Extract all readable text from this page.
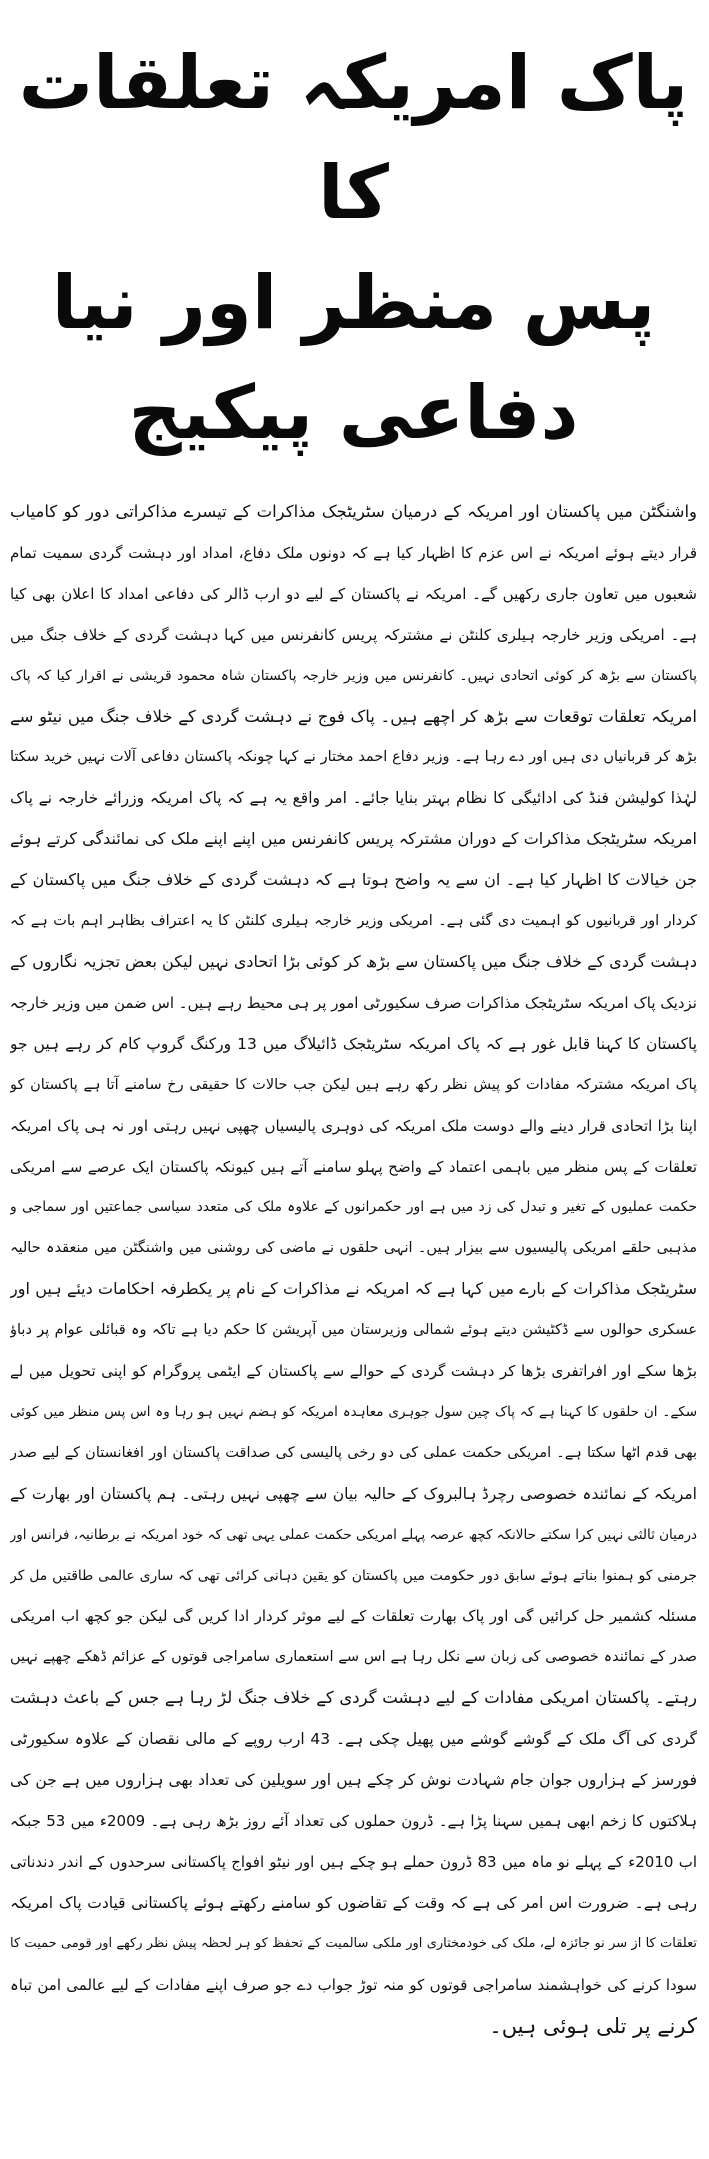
پاک امریکہ تعلقات کا
پس منظر اور نیا دفاعی پیکیج
واشنگٹن میں پاکستان اور امریکہ کے درمیان سٹریٹجک مذاکرات کے تیسرے مذاکراتی دور کو کامیاب
قرار دیتے ہوئے امریکہ نے اس عزم کا اظہار کیا ہے کہ دونوں ملک دفاع، امداد اور دہشت گردی سمیت تمام
شعبوں میں تعاون جاری رکھیں گے۔ امریکہ نے پاکستان کے لیے دو ارب ڈالر کی دفاعی امداد کا اعلان بھی کیا
ہے۔ امریکی وزیر خارجہ ہیلری کلنٹن نے مشترکہ پریس کانفرنس میں کہا دہشت گردی کے خلاف جنگ میں
پاکستان سے بڑھ کر کوئی اتحادی نہیں۔ کانفرنس میں وزیر خارجہ پاکستان شاہ محمود قریشی نے اقرار کیا کہ پاک
امریکہ تعلقات توقعات سے بڑھ کر اچھے ہیں۔ پاک فوج نے دہشت گردی کے خلاف جنگ میں نیٹو سے
بڑھ کر قربانیاں دی ہیں اور دے رہا ہے۔ وزیر دفاع احمد مختار نے کہا چونکہ پاکستان دفاعی آلات نہیں خرید سکتا
لہٰذا کولیشن فنڈ کی ادائیگی کا نظام بہتر بنایا جائے۔ امر واقع یہ ہے کہ پاک امریکہ وزرائے خارجہ نے پاک
امریکہ سٹریٹجک مذاکرات کے دوران مشترکہ پریس کانفرنس میں اپنے اپنے ملک کی نمائندگی کرتے ہوئے
جن خیالات کا اظہار کیا ہے۔ ان سے یہ واضح ہوتا ہے کہ دہشت گردی کے خلاف جنگ میں پاکستان کے
کردار اور قربانیوں کو اہمیت دی گئی ہے۔ امریکی وزیر خارجہ ہیلری کلنٹن کا یہ اعتراف بظاہر اہم بات ہے کہ
دہشت گردی کے خلاف جنگ میں پاکستان سے بڑھ کر کوئی بڑا اتحادی نہیں لیکن بعض تجزیہ نگاروں کے
نزدیک پاک امریکہ سٹریٹجک مذاکرات صرف سکیورٹی امور پر ہی محیط رہے ہیں۔ اس ضمن میں وزیر خارجہ
پاکستان کا کہنا قابل غور ہے کہ پاک امریکہ سٹریٹجک ڈائیلاگ میں 13 ورکنگ گروپ کام کر رہے ہیں جو
پاک امریکہ مشترکہ مفادات کو پیش نظر رکھ رہے ہیں لیکن جب حالات کا حقیقی رخ سامنے آتا ہے پاکستان کو
اپنا بڑا اتحادی قرار دینے والے دوست ملک امریکہ کی دوہری پالیسیاں چھپی نہیں رہتی اور نہ ہی پاک امریکہ
تعلقات کے پس منظر میں باہمی اعتماد کے واضح پہلو سامنے آتے ہیں کیونکہ پاکستان ایک عرصے سے امریکی
حکمت عملیوں کے تغیر و تبدل کی زد میں ہے اور حکمرانوں کے علاوہ ملک کی متعدد سیاسی جماعتیں اور سماجی و
مذہبی حلقے امریکی پالیسیوں سے بیزار ہیں۔ انہی حلقوں نے ماضی کی روشنی میں واشنگٹن میں منعقدہ حالیہ
سٹریٹجک مذاکرات کے بارے میں کہا ہے کہ امریکہ نے مذاکرات کے نام پر یکطرفہ احکامات دیئے ہیں اور
عسکری حوالوں سے ڈکٹیشن دیتے ہوئے شمالی وزیرستان میں آپریشن کا حکم دیا ہے تاکہ وہ قبائلی عوام پر دباؤ
بڑھا سکے اور افراتفری بڑھا کر دہشت گردی کے حوالے سے پاکستان کے ایٹمی پروگرام کو اپنی تحویل میں لے
سکے۔ ان حلقوں کا کہنا ہے کہ پاک چین سول جوہری معاہدہ امریکہ کو ہضم نہیں ہو رہا وہ اس پس منظر میں کوئی
بھی قدم اٹھا سکتا ہے۔ امریکی حکمت عملی کی دو رخی پالیسی کی صداقت پاکستان اور افغانستان کے لیے صدر
امریکہ کے نمائندہ خصوصی رچرڈ ہالبروک کے حالیہ بیان سے چھپی نہیں رہتی۔ ہم پاکستان اور بھارت کے
درمیان ثالثی نہیں کرا سکتے حالانکہ کچھ عرصہ پہلے امریکی حکمت عملی یہی تھی کہ خود امریکہ نے برطانیہ، فرانس اور
جرمنی کو ہمنوا بناتے ہوئے سابق دور حکومت میں پاکستان کو یقین دہانی کرائی تھی کہ ساری عالمی طاقتیں مل کر
مسئلہ کشمیر حل کرائیں گی اور پاک بھارت تعلقات کے لیے موثر کردار ادا کریں گی لیکن جو کچھ اب امریکی
صدر کے نمائندہ خصوصی کی زبان سے نکل رہا ہے اس سے استعماری سامراجی قوتوں کے عزائم ڈھکے چھپے نہیں
رہتے۔ پاکستان امریکی مفادات کے لیے دہشت گردی کے خلاف جنگ لڑ رہا ہے جس کے باعث دہشت
گردی کی آگ ملک کے گوشے گوشے میں پھیل چکی ہے۔ 43 ارب روپے کے مالی نقصان کے علاوہ سکیورٹی
فورسز کے ہزاروں جوان جام شہادت نوش کر چکے ہیں اور سویلین کی تعداد بھی ہزاروں میں ہے جن کی
ہلاکتوں کا زخم ابھی ہمیں سہنا پڑا ہے۔ ڈرون حملوں کی تعداد آئے روز بڑھ رہی ہے۔ 2009ء میں 53 جبکہ
اب 2010ء کے پہلے نو ماہ میں 83 ڈرون حملے ہو چکے ہیں اور نیٹو افواج پاکستانی سرحدوں کے اندر دندناتی
رہی ہے۔ ضرورت اس امر کی ہے کہ وقت کے تقاضوں کو سامنے رکھتے ہوئے پاکستانی قیادت پاک امریکہ
تعلقات کا از سر نو جائزہ لے، ملک کی خودمختاری اور ملکی سالمیت کے تحفظ کو ہر لحظہ پیش نظر رکھے اور قومی حمیت کا
سودا کرنے کی خواہشمند سامراجی قوتوں کو منہ توڑ جواب دے جو صرف اپنے مفادات کے لیے عالمی امن تباہ
کرنے پر تلی ہوئی ہیں۔
